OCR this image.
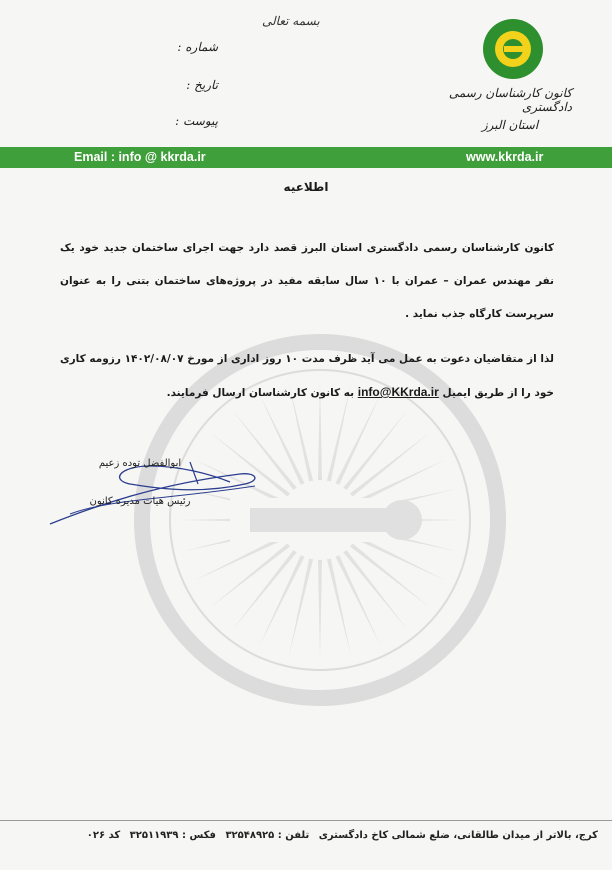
بسمه تعالی
شماره :
تاریخ :
پیوست :
کانون کارشناسان رسمی دادگستری
استان البرز
Email : info @ kkrda.ir	www.kkrda.ir
اطلاعیه
کانون کارشناسان رسمی دادگستری استان البرز قصد دارد جهت اجرای ساختمان جدید خود یک نفر مهندس عمران – عمران با ۱۰ سال سابقه مفید در پروژه‌های ساختمان بتنی را به عنوان سرپرست کارگاه جذب نماید .
لذا از متقاضیان دعوت به عمل می آید ظرف مدت ۱۰ روز اداری از مورخ ۱۴۰۲/۰۸/۰۷ رزومه کاری خود را از طریق ایمیل info@KKrda.ir به کانون کارشناسان ارسال فرمایند.
ابوالفضل توده زعیم
رئیس هیات مدیره کانون
کرج، بالاتر از میدان طالقانی، ضلع شمالی کاخ دادگستری تلفن : ۳۲۵۴۸۹۲۵ فکس : ۳۲۵۱۱۹۳۹ کد ۰۲۶
